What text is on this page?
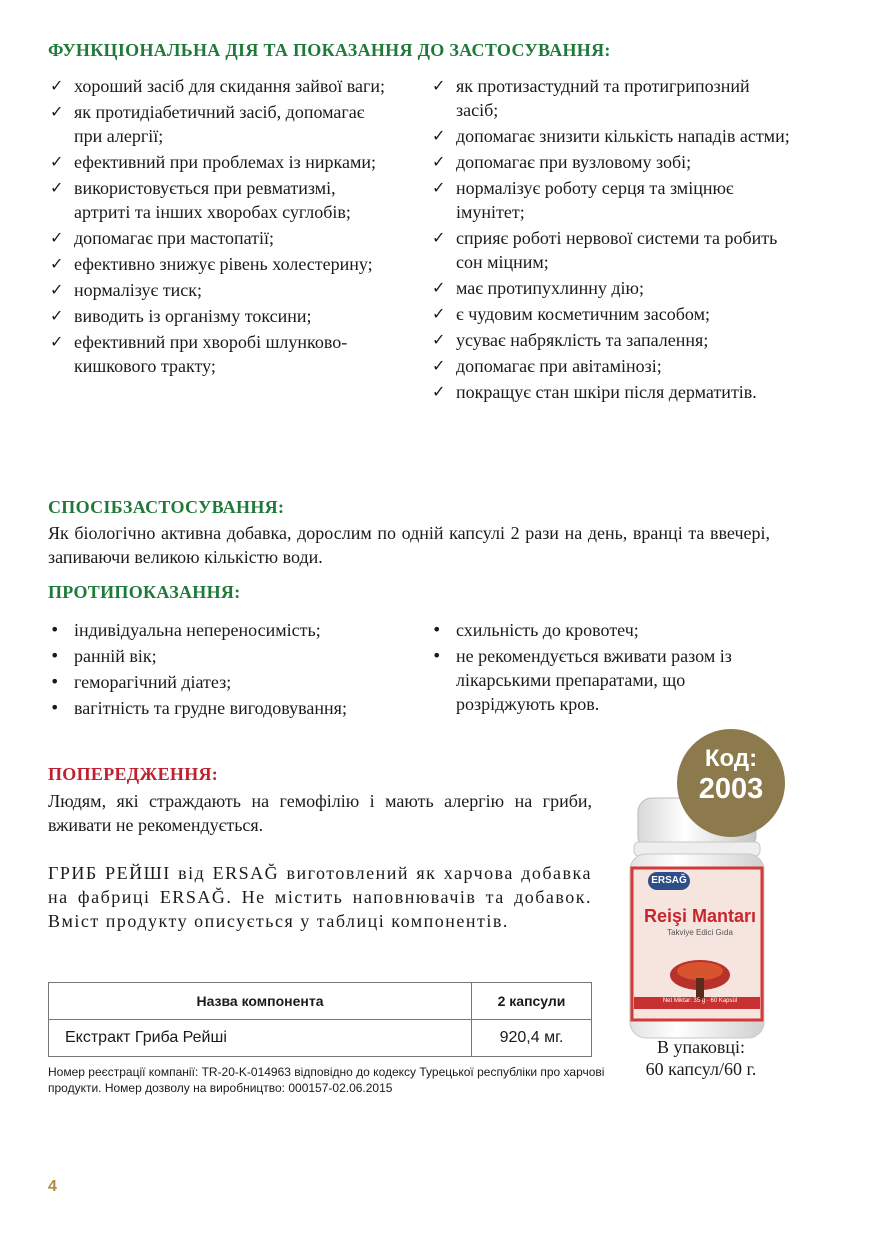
ФУНКЦІОНАЛЬНА ДІЯ ТА ПОКАЗАННЯ ДО ЗАСТОСУВАННЯ:
✓ хороший засіб для скидання зайвої ваги;
✓ як протидіабетичний засіб, допомагає при алергії;
✓ ефективний при проблемах із нирками;
✓ використовується при ревматизмі, артриті та інших хворобах суглобів;
✓ допомагає при мастопатії;
✓ ефективно знижує рівень холестерину;
✓ нормалізує тиск;
✓ виводить із організму токсини;
✓ ефективний при хворобі шлунково-кишкового тракту;
✓ як протизастудний та протигрипозний засіб;
✓ допомагає знизити кількість нападів астми;
✓ допомагає при вузловому зобі;
✓ нормалізує роботу серця та зміцнює імунітет;
✓ сприяє роботі нервової системи та робить сон міцним;
✓ має протипухлинну дію;
✓ є чудовим косметичним засобом;
✓ усуває набряклість та запалення;
✓ допомагає при авітамінозі;
✓ покращує стан шкіри після дерматитів.
СПОСІБЗАСТОСУВАННЯ:

Як біологічно активна добавка, дорослим по одній капсулі 2 рази на день, вранці та ввечері, запиваючи великою кількістю води.

ПРОТИПОКАЗАННЯ:
• індивідуальна непереносимість;
• ранній вік;
• геморагічний діатез;
• вагітність та грудне вигодовування;
• схильність до кровотеч;
• не рекомендується вживати разом із лікарськими препаратами, що розріджують кров.
ПОПЕРЕДЖЕННЯ:

Людям, які страждають на гемофілію і мають алергію на гриби, вживати не рекомендується.

ГРИБ РЕЙШІ від ERSAĞ виготовлений як харчова добавка на фабриці ERSAĞ. Не містить наповнювачів та добавок. Вміст продукту описується у таблиці компонентів.

Назва компонента	2 капсули
Екстракт Гриба Рейші	920,4 мг.

Номер реєстрації компанії: TR-20-K-014963 відповідно до кодексу Турецької республіки про харчові продукти. Номер дозволу на виробництво: 000157-02.06.2015

4
ERSAĞ
Reişi Mantarı
Takviye Edici Gıda
Net Miktar: 35 g · 60 Kapsül
Код:
2003
В упаковці:
60 капсул/60 г.
